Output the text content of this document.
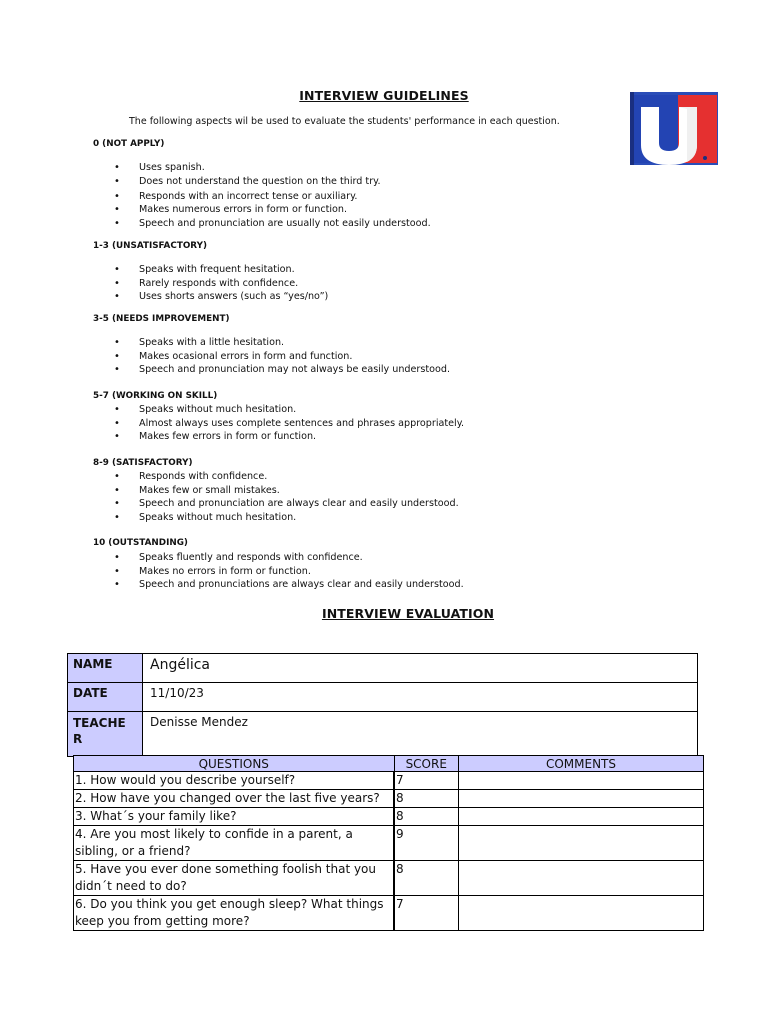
INTERVIEW GUIDELINES
The following aspects wil be used to evaluate the students' performance in each question.
0 (NOT APPLY)
• Uses spanish.
• Does not understand the question on the third try.
• Responds with an incorrect tense or auxiliary.
• Makes numerous errors in form or function.
• Speech and pronunciation are usually not easily understood.
1-3 (UNSATISFACTORY)
• Speaks with frequent hesitation.
• Rarely responds with confidence.
• Uses shorts answers (such as “yes/no”)
3-5 (NEEDS IMPROVEMENT)
• Speaks with a little hesitation.
• Makes ocasional errors in form and function.
• Speech and pronunciation may not always be easily understood.
5-7 (WORKING ON SKILL)
• Speaks without much hesitation.
• Almost always uses complete sentences and phrases appropriately.
• Makes few errors in form or function.
8-9 (SATISFACTORY)
• Responds with confidence.
• Makes few or small mistakes.
• Speech and pronunciation are always clear and easily understood.
• Speaks without much hesitation.
10 (OUTSTANDING)
• Speaks fluently and responds with confidence.
• Makes no errors in form or function.
• Speech and pronunciations are always clear and easily understood.
INTERVIEW EVALUATION
NAME	Angélica
DATE	11/10/23
TEACHE
R	Denisse Mendez
QUESTIONS	SCORE	COMMENTS
1. How would you describe yourself?	7	
2. How have you changed over the last five years?	8	
3. What´s your family like?	8	
4. Are you most likely to confide in a parent, a sibling, or a friend?	9	
5. Have you ever done something foolish that you didn´t need to do?	8	
6. Do you think you get enough sleep? What things keep you from getting more?	7	
